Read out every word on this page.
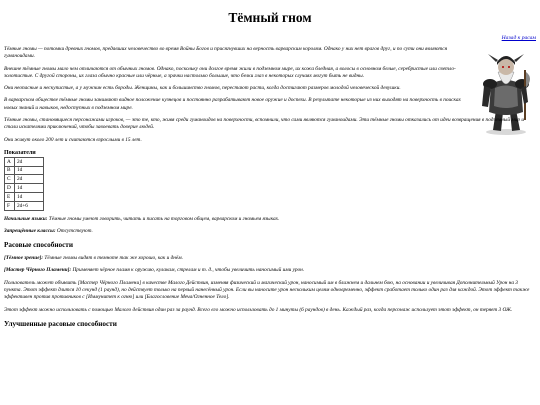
Тёмный гном
Назад к расам

Тёмные гномы — потомки древних гномов, предавших человечество во время Войны Богов и присягнувших на верность варварским королям. Однако у них нет врагов друг, и по сути они являются гуманоидами.

Внешне тёмные гномы мало чем отличаются от обычных гномов. Однако, поскольку они долгое время жили в подземном мире, их кожа бледная, а волосы в основном белые, серебристые или светло-золотистые. С другой стороны, их глаза обычно красные или чёрные, а зрачки настолько большие, что белки глаз в некоторых случаях могут быть не видны.

Они неопасные и нескупистые, а у мужчин есть бороды. Женщины, как и большинство гномов, перестают расти, когда достигают размеров молодой человеческой девушки.

В варварском обществе тёмные гномы занимают видное положение кузнецов и постоянно разрабатывают новое оружие и доспехи. В результате некоторые из них выходят на поверхность в поисках новых знаний и навыков, недоступных в подземном мире.

Тёмные гномы, становящиеся персонажами игроков, — это те, кто, живя среди гуманоидов на поверхности, вспомнили, что сами являются гуманоидами. Эти тёмные гномы отказались от идеи возвращения в подземный мир и стали искателями приключений, чтобы завоевать доверие людей.

Они живут около 200 лет и считаются взрослыми в 15 лет.

Показатели
A	2d
B	1d
C	2d
D	1d
E	1d
F	2d+6

Начальные языки: Тёмные гномы умеют говорить, читать и писать на торговом общем, варварском и гномьем языках.

Запрещённые классы: Отсутствуют.

Расовые способности

[Тёмное зрение]: Тёмные гномы видят в темноте так же хорошо, как и днём.

[Мастер Чёрного Пламени]: Применяет чёрное пламя к оружию, кулакам, стрелам и т. д., чтобы увеличить наносимый ими урон.

Пользователь может объявить [Мастер Чёрного Пламени] в качестве Малого Действия, изменяя физический и магический урон, наносимый им в ближнем и дальнем бою, на основании и увеличивая Дополнительный Урон на 3 пункта. Этот эффект длится 10 секунд (1 раунд), но действует только на первый нанесённый урон. Если вы наносите урон нескольким целям одновременно, эффект сработает только один раз для каждой. Этот эффект также эффективен против противников с [Иммунитет к огню] или [Благословение Меча/Огненное Тело].

Этот эффект можно использовать с помощью Малого действия один раз за раунд. Всего его можно использовать до 1 минуты (6 раундов) в день. Каждый раз, когда персонаж использует этот эффект, он теряет 3 ОЖ.

Улучшенные расовые способности
